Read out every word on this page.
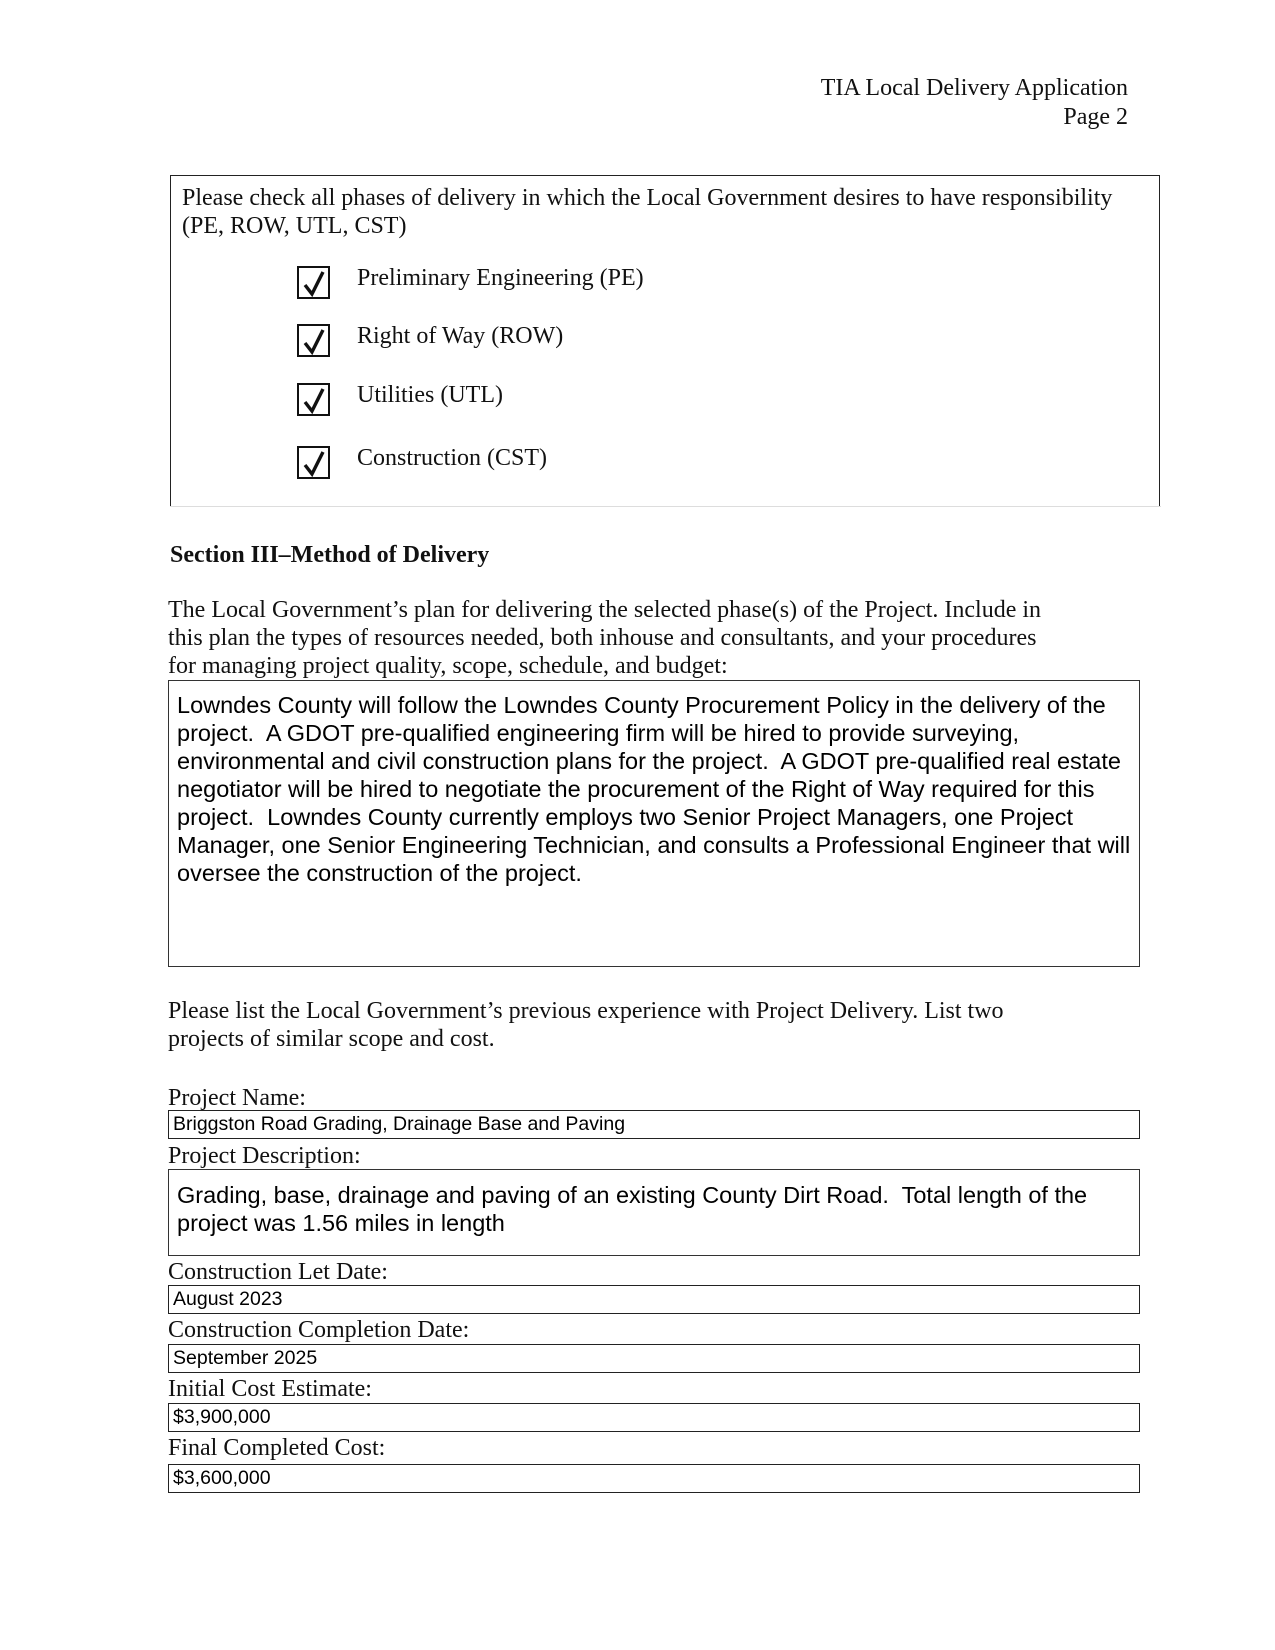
TIA Local Delivery Application
Page 2
Please check all phases of delivery in which the Local Government desires to have responsibility (PE, ROW, UTL, CST)
Preliminary Engineering (PE)
Right of Way (ROW)
Utilities (UTL)
Construction (CST)
Section III–Method of Delivery
The Local Government’s plan for delivering the selected phase(s) of the Project. Include in this plan the types of resources needed, both inhouse and consultants, and your procedures for managing project quality, scope, schedule, and budget:
Lowndes County will follow the Lowndes County Procurement Policy in the delivery of the project.  A GDOT pre-qualified engineering firm will be hired to provide surveying, environmental and civil construction plans for the project.  A GDOT pre-qualified real estate negotiator will be hired to negotiate the procurement of the Right of Way required for this project.  Lowndes County currently employs two Senior Project Managers, one Project Manager, one Senior Engineering Technician, and consults a Professional Engineer that will oversee the construction of the project.
Please list the Local Government’s previous experience with Project Delivery. List two projects of similar scope and cost.
Project Name:
Briggston Road Grading, Drainage Base and Paving
Project Description:
Grading, base, drainage and paving of an existing County Dirt Road.  Total length of the project was 1.56 miles in length
Construction Let Date:
August 2023
Construction Completion Date:
September 2025
Initial Cost Estimate:
$3,900,000
Final Completed Cost:
$3,600,000
